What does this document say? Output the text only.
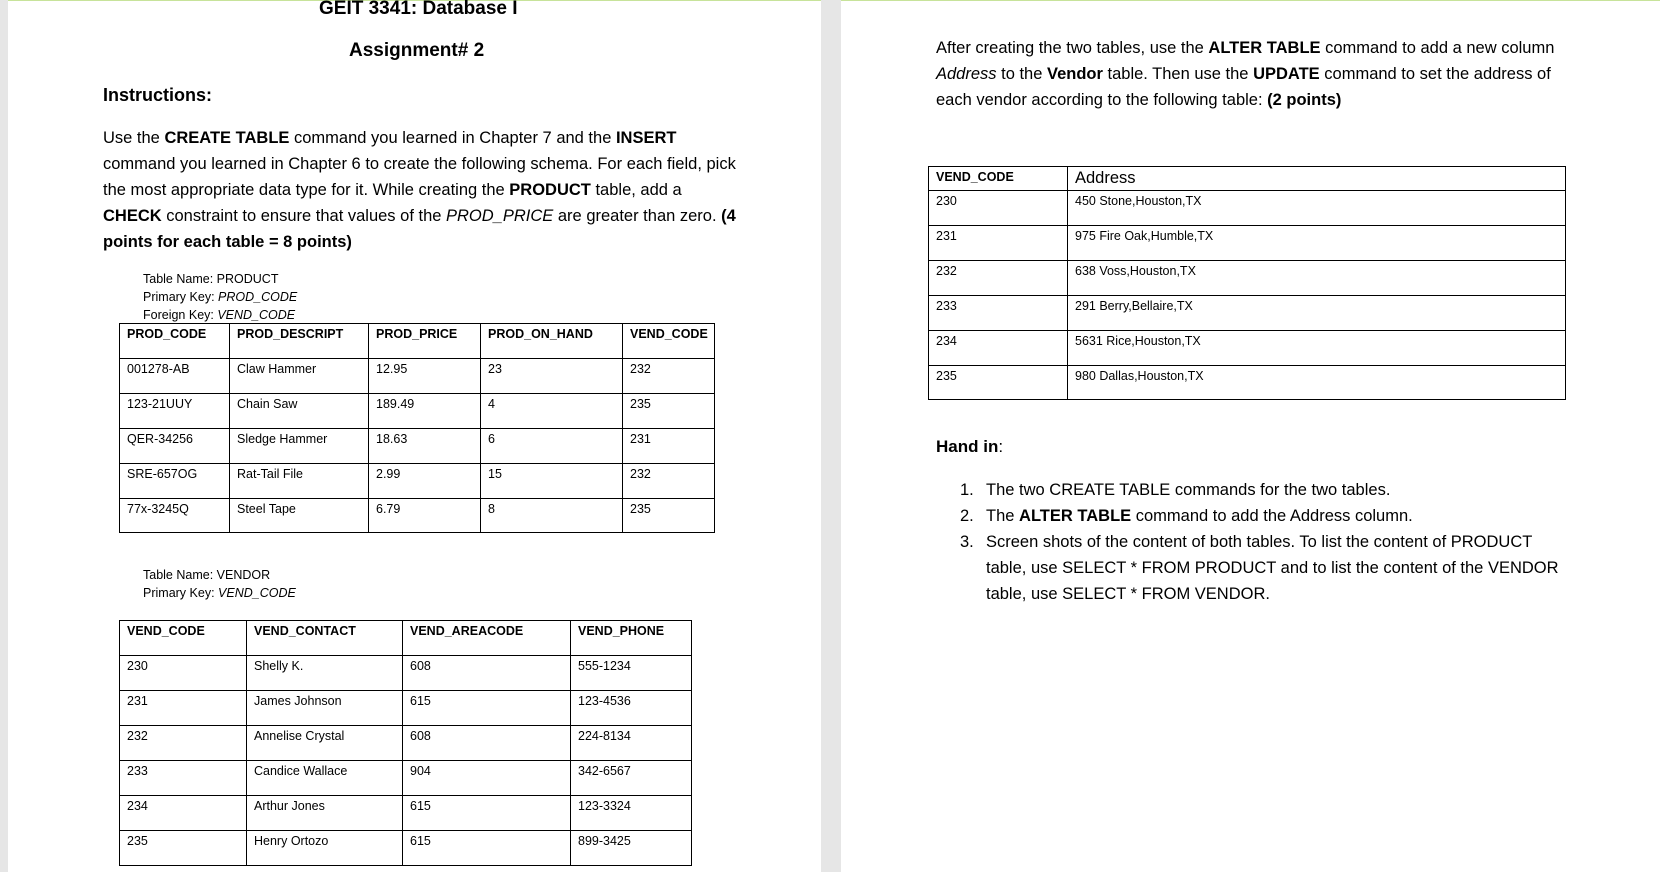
GEIT 3341: Database I
Assignment# 2
Instructions:
Use the CREATE TABLE command you learned in Chapter 7 and the INSERT command you learned in Chapter 6 to create the following schema. For each field, pick the most appropriate data type for it. While creating the PRODUCT table, add a CHECK constraint to ensure that values of the PROD_PRICE are greater than zero. (4 points for each table = 8 points)
Table Name: PRODUCT
Primary Key: PROD_CODE
Foreign Key: VEND_CODE
PROD_CODE	PROD_DESCRIPT	PROD_PRICE	PROD_ON_HAND	VEND_CODE
001278-AB	Claw Hammer	12.95	23	232
123-21UUY	Chain Saw	189.49	4	235
QER-34256	Sledge Hammer	18.63	6	231
SRE-657OG	Rat-Tail File	2.99	15	232
77x-3245Q	Steel Tape	6.79	8	235
Table Name: VENDOR
Primary Key: VEND_CODE
VEND_CODE	VEND_CONTACT	VEND_AREACODE	VEND_PHONE
230	Shelly K.	608	555-1234
231	James Johnson	615	123-4536
232	Annelise Crystal	608	224-8134
233	Candice Wallace	904	342-6567
234	Arthur Jones	615	123-3324
235	Henry Ortozo	615	899-3425
After creating the two tables, use the ALTER TABLE command to add a new column Address to the Vendor table. Then use the UPDATE command to set the address of each vendor according to the following table: (2 points)
VEND_CODE	Address
230	450 Stone,Houston,TX
231	975 Fire Oak,Humble,TX
232	638 Voss,Houston,TX
233	291 Berry,Bellaire,TX
234	5631 Rice,Houston,TX
235	980 Dallas,Houston,TX
Hand in:
1. The two CREATE TABLE commands for the two tables.
2. The ALTER TABLE command to add the Address column.
3. Screen shots of the content of both tables. To list the content of PRODUCT table, use SELECT * FROM PRODUCT and to list the content of the VENDOR table, use SELECT * FROM VENDOR.
